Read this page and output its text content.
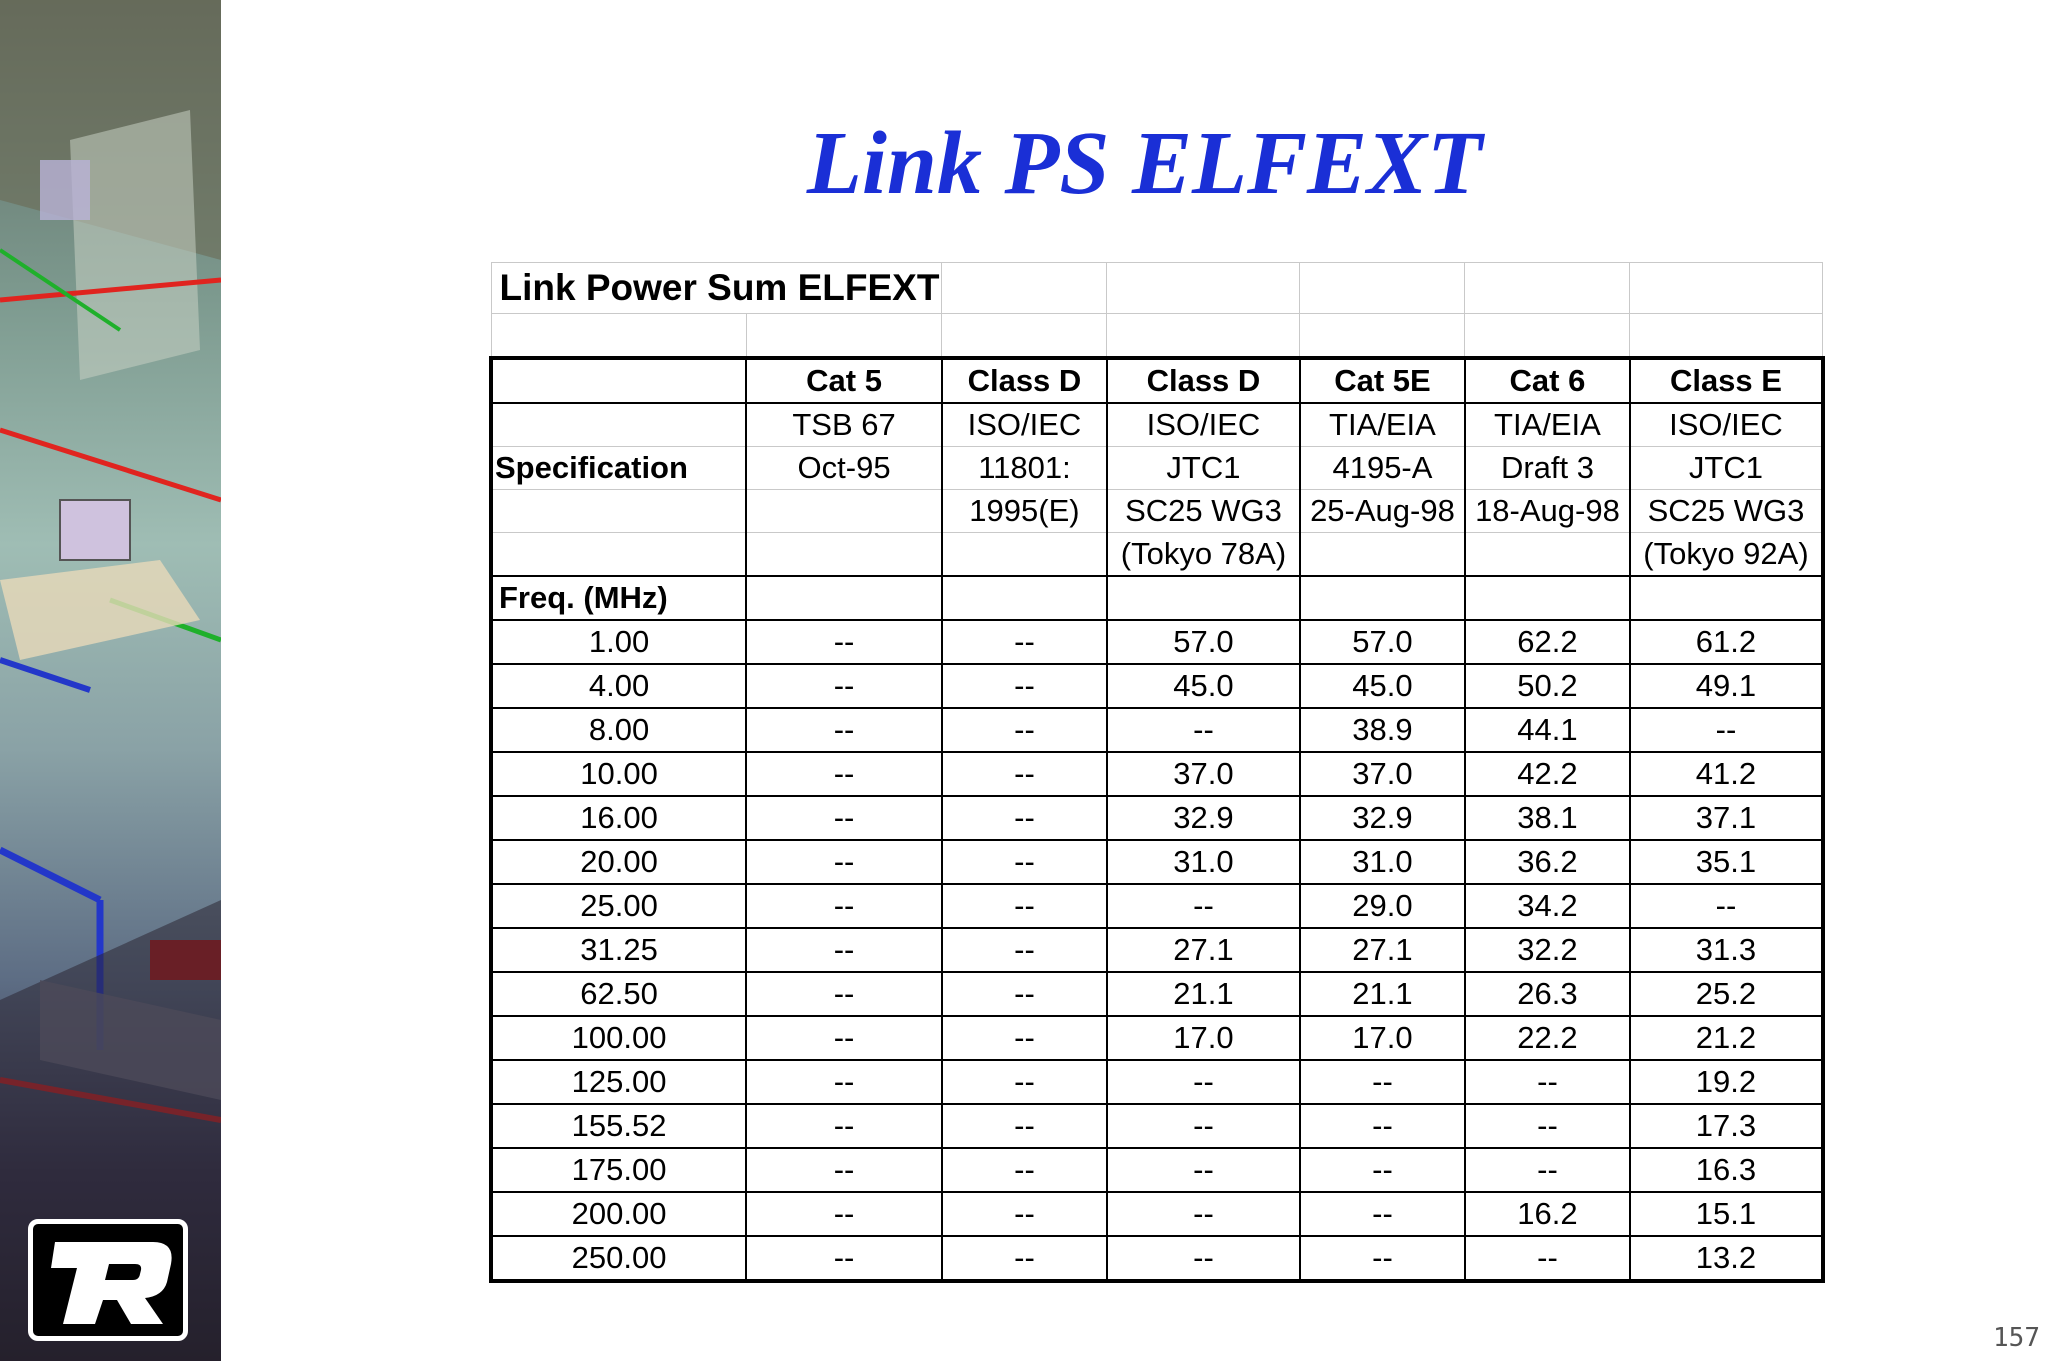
Link PS ELFEXT
Link Power Sum ELFEXT						

	Cat 5	Class D	Class D	Cat 5E	Cat 6	Class E
	TSB 67	ISO/IEC	ISO/IEC	TIA/EIA	TIA/EIA	ISO/IEC
Specification	Oct-95	11801:	JTC1	4195-A	Draft 3	JTC1
		1995(E)	SC25 WG3	25-Aug-98	18-Aug-98	SC25 WG3
			(Tokyo 78A)			(Tokyo 92A)
Freq. (MHz)						
1.00	--	--	57.0	57.0	62.2	61.2
4.00	--	--	45.0	45.0	50.2	49.1
8.00	--	--	--	38.9	44.1	--
10.00	--	--	37.0	37.0	42.2	41.2
16.00	--	--	32.9	32.9	38.1	37.1
20.00	--	--	31.0	31.0	36.2	35.1
25.00	--	--	--	29.0	34.2	--
31.25	--	--	27.1	27.1	32.2	31.3
62.50	--	--	21.1	21.1	26.3	25.2
100.00	--	--	17.0	17.0	22.2	21.2
125.00	--	--	--	--	--	19.2
155.52	--	--	--	--	--	17.3
175.00	--	--	--	--	--	16.3
200.00	--	--	--	--	16.2	15.1
250.00	--	--	--	--	--	13.2
157
